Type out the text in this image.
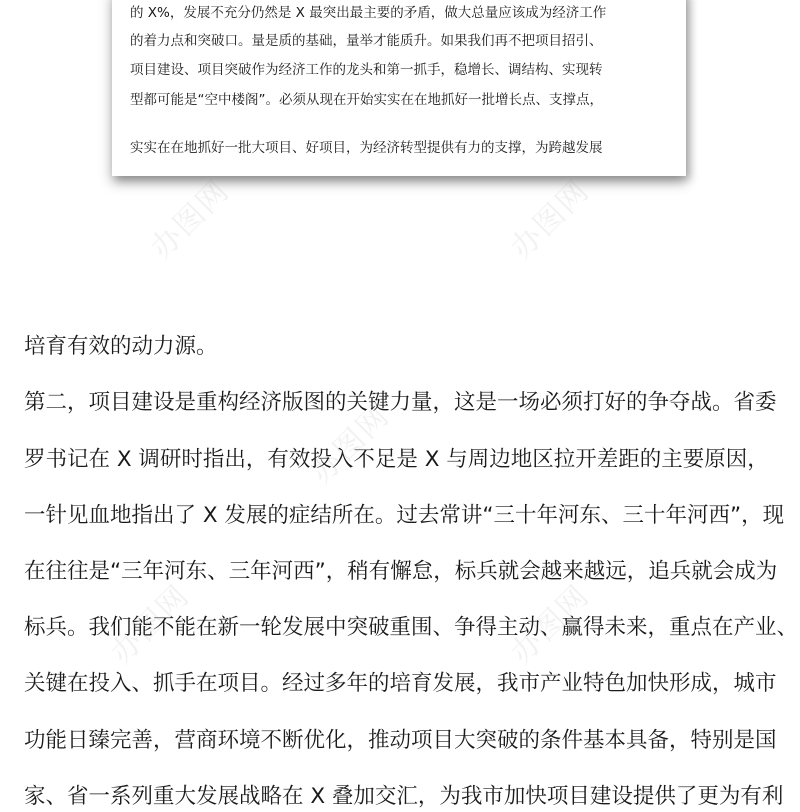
的 X%，发展不充分仍然是 X 最突出最主要的矛盾，做大总量应该成为经济工作
的着力点和突破口。量是质的基础，量举才能质升。如果我们再不把项目招引、
项目建设、项目突破作为经济工作的龙头和第一抓手，稳增长、调结构、实现转
型都可能是“空中楼阁”。必须从现在开始实实在在地抓好一批增长点、支撑点，
实实在在地抓好一批大项目、好项目，为经济转型提供有力的支撑，为跨越发展
培育有效的动力源。
第二，项目建设是重构经济版图的关键力量，这是一场必须打好的争夺战。省委
罗书记在 X 调研时指出，有效投入不足是 X 与周边地区拉开差距的主要原因，
一针见血地指出了 X 发展的症结所在。过去常讲“三十年河东、三十年河西”，现
在往往是“三年河东、三年河西”，稍有懈怠，标兵就会越来越远，追兵就会成为
标兵。我们能不能在新一轮发展中突破重围、争得主动、赢得未来，重点在产业、
关键在投入、抓手在项目。经过多年的培育发展，我市产业特色加快形成，城市
功能日臻完善，营商环境不断优化，推动项目大突破的条件基本具备，特别是国
家、省一系列重大发展战略在 X 叠加交汇，为我市加快项目建设提供了更为有利
办图网	办图网
办图网
办图网	办图网
